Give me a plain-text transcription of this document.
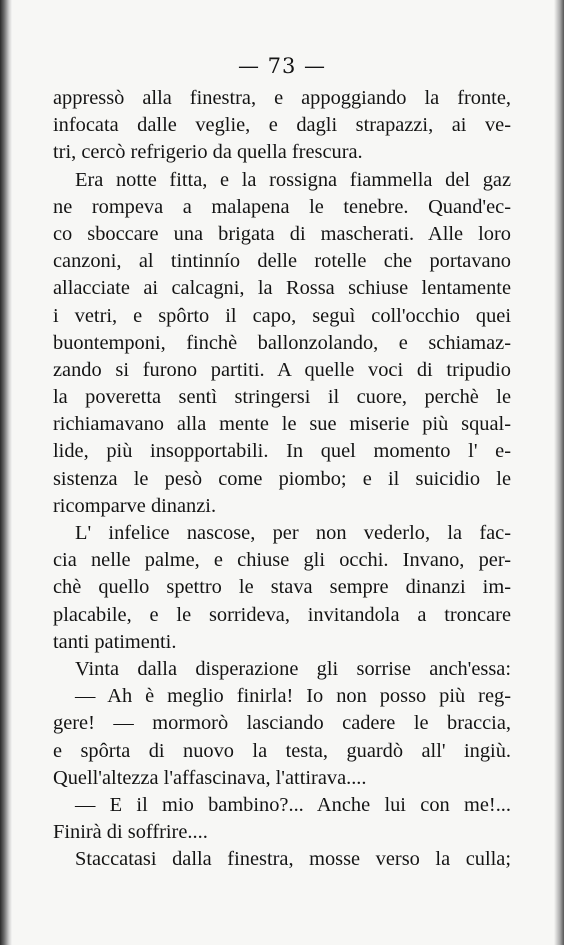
— 73 —
appressò alla finestra, e appoggiando la fronte,
infocata dalle veglie, e dagli strapazzi, ai ve-
tri, cercò refrigerio da quella frescura.
Era notte fitta, e la rossigna fiammella del gaz
ne rompeva a malapena le tenebre. Quand'ec-
co sboccare una brigata di mascherati. Alle loro
canzoni, al tintinnío delle rotelle che portavano
allacciate ai calcagni, la Rossa schiuse lentamente
i vetri, e spôrto il capo, seguì coll'occhio quei
buontemponi, finchè ballonzolando, e schiamaz-
zando si furono partiti. A quelle voci di tripudio
la poveretta sentì stringersi il cuore, perchè le
richiamavano alla mente le sue miserie più squal-
lide, più insopportabili. In quel momento l' e-
sistenza le pesò come piombo; e il suicidio le
ricomparve dinanzi.
L' infelice nascose, per non vederlo, la fac-
cia nelle palme, e chiuse gli occhi. Invano, per-
chè quello spettro le stava sempre dinanzi im-
placabile, e le sorrideva, invitandola a troncare
tanti patimenti.
Vinta dalla disperazione gli sorrise anch'essa:
— Ah è meglio finirla! Io non posso più reg-
gere! — mormorò lasciando cadere le braccia,
e spôrta di nuovo la testa, guardò all' ingiù.
Quell'altezza l'affascinava, l'attirava....
— E il mio bambino?... Anche lui con me!...
Finirà di soffrire....
Staccatasi dalla finestra, mosse verso la culla;
